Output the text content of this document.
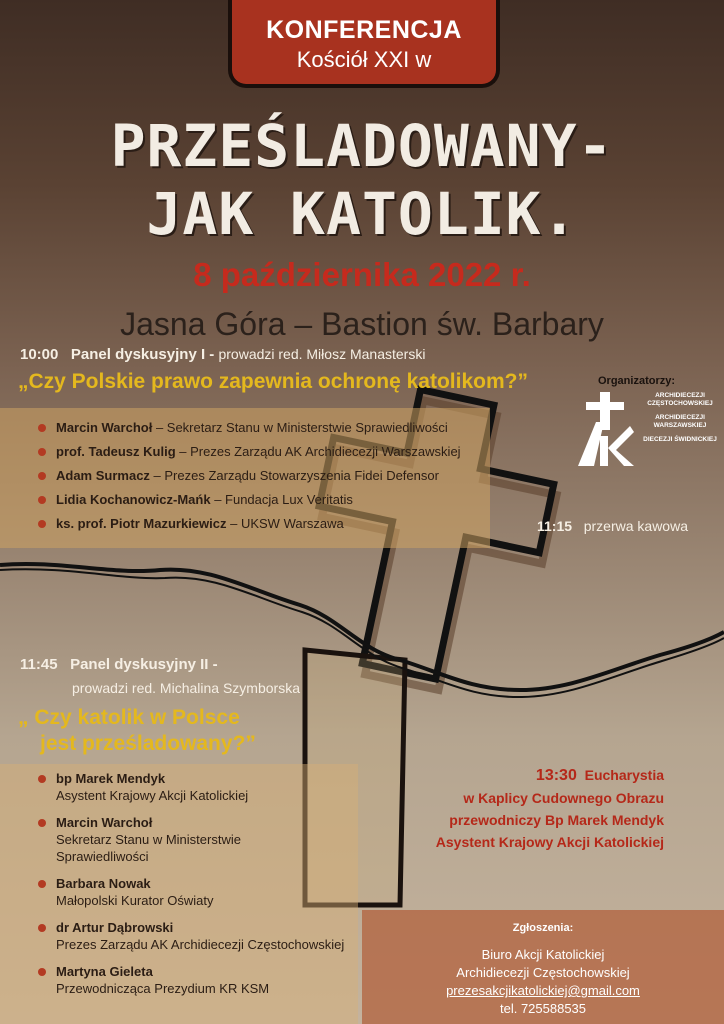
KONFERENCJA
Kościół XXI w
PRZEŚLADOWANY-
JAK KATOLIK.
8 października 2022 r.
Jasna Góra – Bastion św. Barbary
10:00 Panel dyskusyjny I - prowadzi red. Miłosz Manasterski
„Czy Polskie prawo zapewnia ochronę katolikom?”
Marcin Warchoł – Sekretarz Stanu w Ministerstwie Sprawiedliwości
prof. Tadeusz Kulig – Prezes Zarządu AK Archidiecezji Warszawskiej
Adam Surmacz – Prezes Zarządu Stowarzyszenia Fidei Defensor
Lidia Kochanowicz-Mańk – Fundacja Lux Veritatis
ks. prof. Piotr Mazurkiewicz – UKSW Warszawa
Organizatorzy:
ARCHIDIECEZJI CZĘSTOCHOWSKIEJ
ARCHIDIECEZJI WARSZAWSKIEJ
DIECEZJI ŚWIDNICKIEJ
11:15 przerwa kawowa
11:45 Panel dyskusyjny II -
prowadzi red. Michalina Szymborska
„ Czy katolik w Polsce
jest prześladowany?”
bp Marek Mendyk
Asystent Krajowy Akcji Katolickiej
Marcin Warchoł
Sekretarz Stanu w Ministerstwie
Sprawiedliwości
Barbara Nowak
Małopolski Kurator Oświaty
dr Artur Dąbrowski
Prezes Zarządu AK Archidiecezji Częstochowskiej
Martyna Gieleta
Przewodnicząca Prezydium KR KSM
13:30 Eucharystia
w Kaplicy Cudownego Obrazu
przewodniczy Bp Marek Mendyk
Asystent Krajowy Akcji Katolickiej
Zgłoszenia:
Biuro Akcji Katolickiej
Archidiecezji Częstochowskiej
prezesakcjikatolickiej@gmail.com
tel. 725588535
